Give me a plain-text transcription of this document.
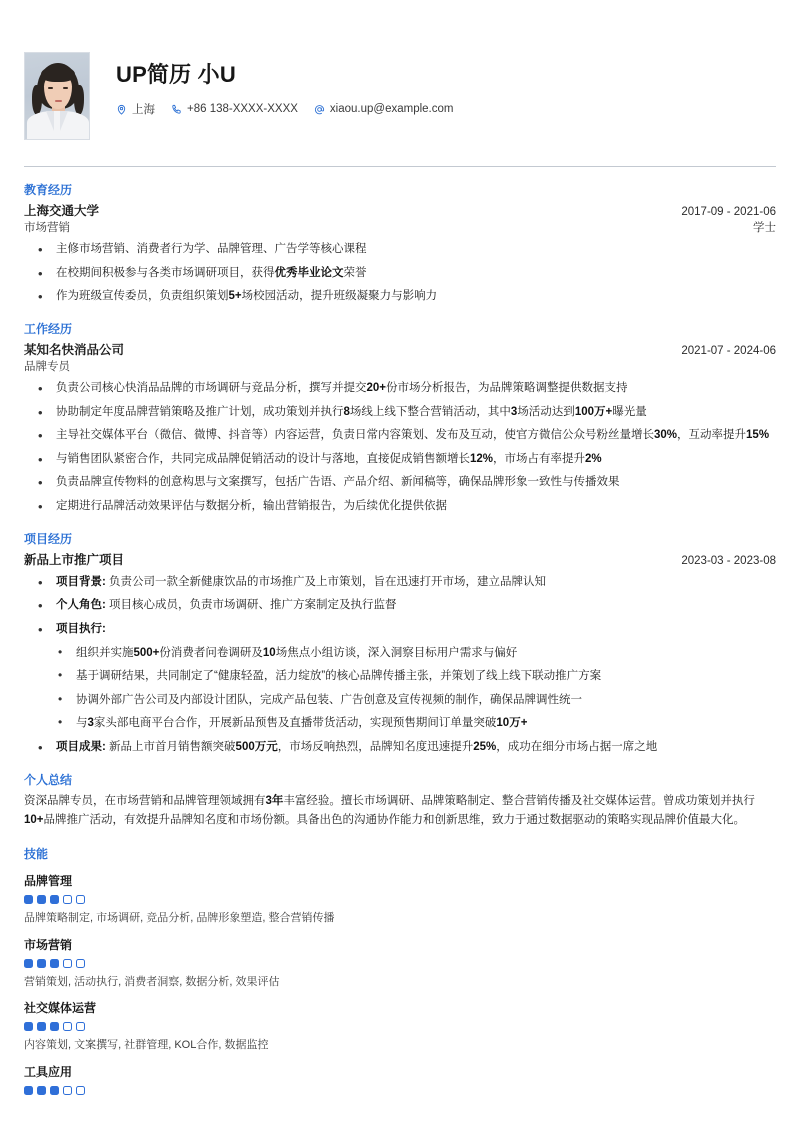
UP简历 小U
上海	+86 138-XXXX-XXXX	xiaou.up@example.com
教育经历
上海交通大学	2017-09 - 2021-06
市场营销	学士
• 主修市场营销、消费者行为学、品牌管理、广告学等核心课程
• 在校期间积极参与各类市场调研项目，获得优秀毕业论文荣誉
• 作为班级宣传委员，负责组织策划5+场校园活动，提升班级凝聚力与影响力
工作经历
某知名快消品公司	2021-07 - 2024-06
品牌专员
• 负责公司核心快消品品牌的市场调研与竞品分析，撰写并提交20+份市场分析报告，为品牌策略调整提供数据支持
• 协助制定年度品牌营销策略及推广计划，成功策划并执行8场线上线下整合营销活动，其中3场活动达到100万+曝光量
• 主导社交媒体平台（微信、微博、抖音等）内容运营，负责日常内容策划、发布及互动，使官方微信公众号粉丝量增长30%，互动率提升15%
• 与销售团队紧密合作，共同完成品牌促销活动的设计与落地，直接促成销售额增长12%，市场占有率提升2%
• 负责品牌宣传物料的创意构思与文案撰写，包括广告语、产品介绍、新闻稿等，确保品牌形象一致性与传播效果
• 定期进行品牌活动效果评估与数据分析，输出营销报告，为后续优化提供依据
项目经历
新品上市推广项目	2023-03 - 2023-08
• 项目背景: 负责公司一款全新健康饮品的市场推广及上市策划，旨在迅速打开市场，建立品牌认知
• 个人角色: 项目核心成员，负责市场调研、推广方案制定及执行监督
• 项目执行:
• 组织并实施500+份消费者问卷调研及10场焦点小组访谈，深入洞察目标用户需求与偏好
• 基于调研结果，共同制定了“健康轻盈，活力绽放”的核心品牌传播主张，并策划了线上线下联动推广方案
• 协调外部广告公司及内部设计团队，完成产品包装、广告创意及宣传视频的制作，确保品牌调性统一
• 与3家头部电商平台合作，开展新品预售及直播带货活动，实现预售期间订单量突破10万+
• 项目成果: 新品上市首月销售额突破500万元，市场反响热烈，品牌知名度迅速提升25%，成功在细分市场占据一席之地
个人总结
资深品牌专员，在市场营销和品牌管理领域拥有3年丰富经验。擅长市场调研、品牌策略制定、整合营销传播及社交媒体运营。曾成功策划并执行10+品牌推广活动，有效提升品牌知名度和市场份额。具备出色的沟通协作能力和创新思维，致力于通过数据驱动的策略实现品牌价值最大化。
技能
品牌管理
品牌策略制定, 市场调研, 竞品分析, 品牌形象塑造, 整合营销传播
市场营销
营销策划, 活动执行, 消费者洞察, 数据分析, 效果评估
社交媒体运营
内容策划, 文案撰写, 社群管理, KOL合作, 数据监控
工具应用
